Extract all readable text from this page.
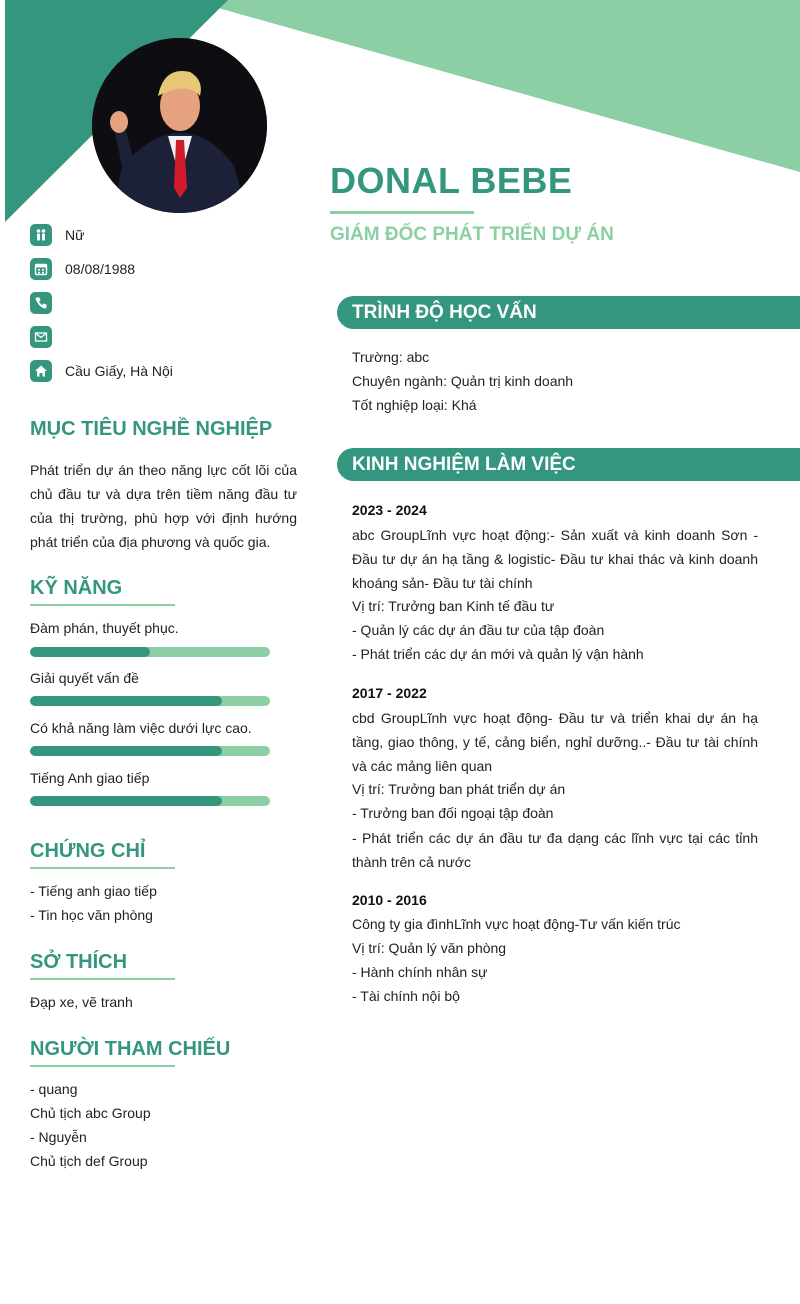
DONAL BEBE
GIÁM ĐỐC PHÁT TRIỂN DỰ ÁN
Nữ
08/08/1988
Cầu Giấy, Hà Nội
MỤC TIÊU NGHỀ NGHIỆP
Phát triển dự án theo năng lực cốt lõi của chủ đầu tư và dựa trên tiềm năng đầu tư của thị trường, phù hợp với định hướng phát triển của địa phương và quốc gia.
KỸ NĂNG
Đàm phán, thuyết phục.
Giải quyết vấn đề
Có khả năng làm việc dưới lực cao.
Tiếng Anh giao tiếp
CHỨNG CHỈ
- Tiếng anh giao tiếp
- Tin học văn phòng
SỞ THÍCH
Đạp xe, vẽ tranh
NGƯỜI THAM CHIẾU
- quang
Chủ tịch abc Group
- Nguyễn
Chủ tịch def Group
TRÌNH ĐỘ HỌC VẤN
Trường: abc
Chuyên ngành: Quản trị kinh doanh
Tốt nghiệp loại: Khá
KINH NGHIỆM LÀM VIỆC
2023 - 2024
abc GroupLĩnh vực hoạt động:- Sản xuất và kinh doanh Sơn - Đầu tư dự án hạ tầng & logistic- Đầu tư khai thác và kinh doanh khoáng sản- Đầu tư tài chính
Vị trí: Trưởng ban Kinh tế đầu tư
- Quản lý các dự án đầu tư của tập đoàn
- Phát triển các dự án mới và quản lý vận hành
2017 - 2022
cbd GroupLĩnh vực hoạt động- Đầu tư và triển khai dự án hạ tầng, giao thông, y tế, cảng biển, nghỉ dưỡng..- Đầu tư tài chính và các mảng liên quan
Vị trí: Trưởng ban phát triển dự án
- Trưởng ban đối ngoại tập đoàn
- Phát triển các dự án đầu tư đa dạng các lĩnh vực tại các tỉnh thành trên cả nước
2010 - 2016
Công ty gia đìnhLĩnh vực hoạt động-Tư vấn kiến trúc
Vị trí: Quản lý văn phòng
- Hành chính nhân sự
- Tài chính nội bộ
